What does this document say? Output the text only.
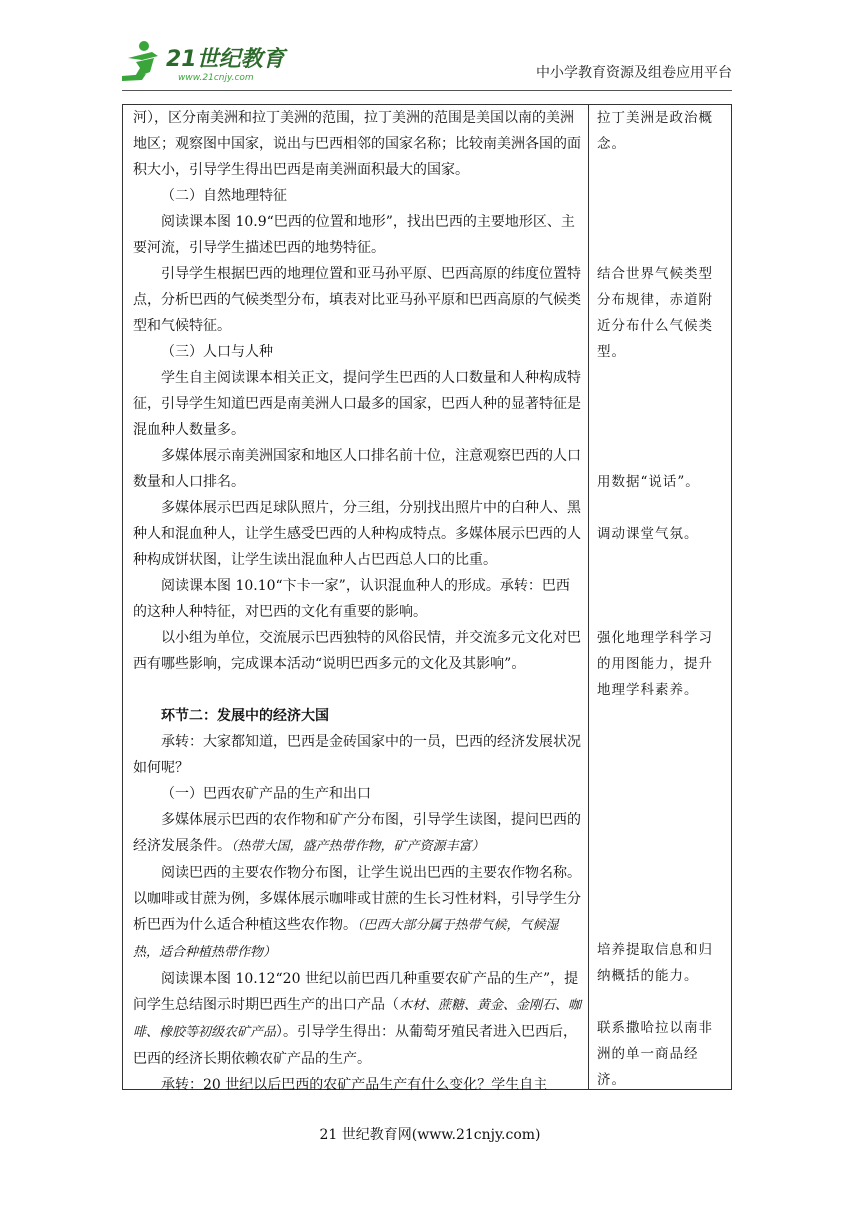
21世纪教育
www.21cnjy.com	中小学教育资源及组卷应用平台

河），区分南美洲和拉丁美洲的范围，拉丁美洲的范围是美国以南的美洲地区；观察图中国家，说出与巴西相邻的国家名称；比较南美洲各国的面积大小，引导学生得出巴西是南美洲面积最大的国家。

（二）自然地理特征

阅读课本图 10.9“巴西的位置和地形”，找出巴西的主要地形区、主要河流，引导学生描述巴西的地势特征。

引导学生根据巴西的地理位置和亚马孙平原、巴西高原的纬度位置特点，分析巴西的气候类型分布，填表对比亚马孙平原和巴西高原的气候类型和气候特征。

（三）人口与人种

学生自主阅读课本相关正文，提问学生巴西的人口数量和人种构成特征，引导学生知道巴西是南美洲人口最多的国家，巴西人种的显著特征是混血种人数量多。

多媒体展示南美洲国家和地区人口排名前十位，注意观察巴西的人口数量和人口排名。

多媒体展示巴西足球队照片，分三组，分别找出照片中的白种人、黑种人和混血种人，让学生感受巴西的人种构成特点。多媒体展示巴西的人种构成饼状图，让学生读出混血种人占巴西总人口的比重。

阅读课本图 10.10“卞卡一家”，认识混血种人的形成。承转：巴西的这种人种特征，对巴西的文化有重要的影响。

以小组为单位，交流展示巴西独特的风俗民情，并交流多元文化对巴西有哪些影响，完成课本活动“说明巴西多元的文化及其影响”。

环节二：发展中的经济大国

承转：大家都知道，巴西是金砖国家中的一员，巴西的经济发展状况如何呢？

（一）巴西农矿产品的生产和出口

多媒体展示巴西的农作物和矿产分布图，引导学生读图，提问巴西的经济发展条件。（热带大国，盛产热带作物，矿产资源丰富）

阅读巴西的主要农作物分布图，让学生说出巴西的主要农作物名称。以咖啡或甘蔗为例，多媒体展示咖啡或甘蔗的生长习性材料，引导学生分析巴西为什么适合种植这些农作物。（巴西大部分属于热带气候，气候湿热，适合种植热带作物）

阅读课本图 10.12“20 世纪以前巴西几种重要农矿产品的生产”，提问学生总结图示时期巴西生产的出口产品（木材、蔗糖、黄金、金刚石、咖啡、橡胶等初级农矿产品）。引导学生得出：从葡萄牙殖民者进入巴西后，巴西的经济长期依赖农矿产品的生产。

承转：20 世纪以后巴西的农矿产品生产有什么变化？学生自主

拉丁美洲是政治概念。
结合世界气候类型分布规律，赤道附近分布什么气候类型。
用数据“说话”。
调动课堂气氛。
强化地理学科学习的用图能力，提升地理学科素养。
培养提取信息和归纳概括的能力。
联系撒哈拉以南非洲的单一商品经济。
21 世纪教育网(www.21cnjy.com)
